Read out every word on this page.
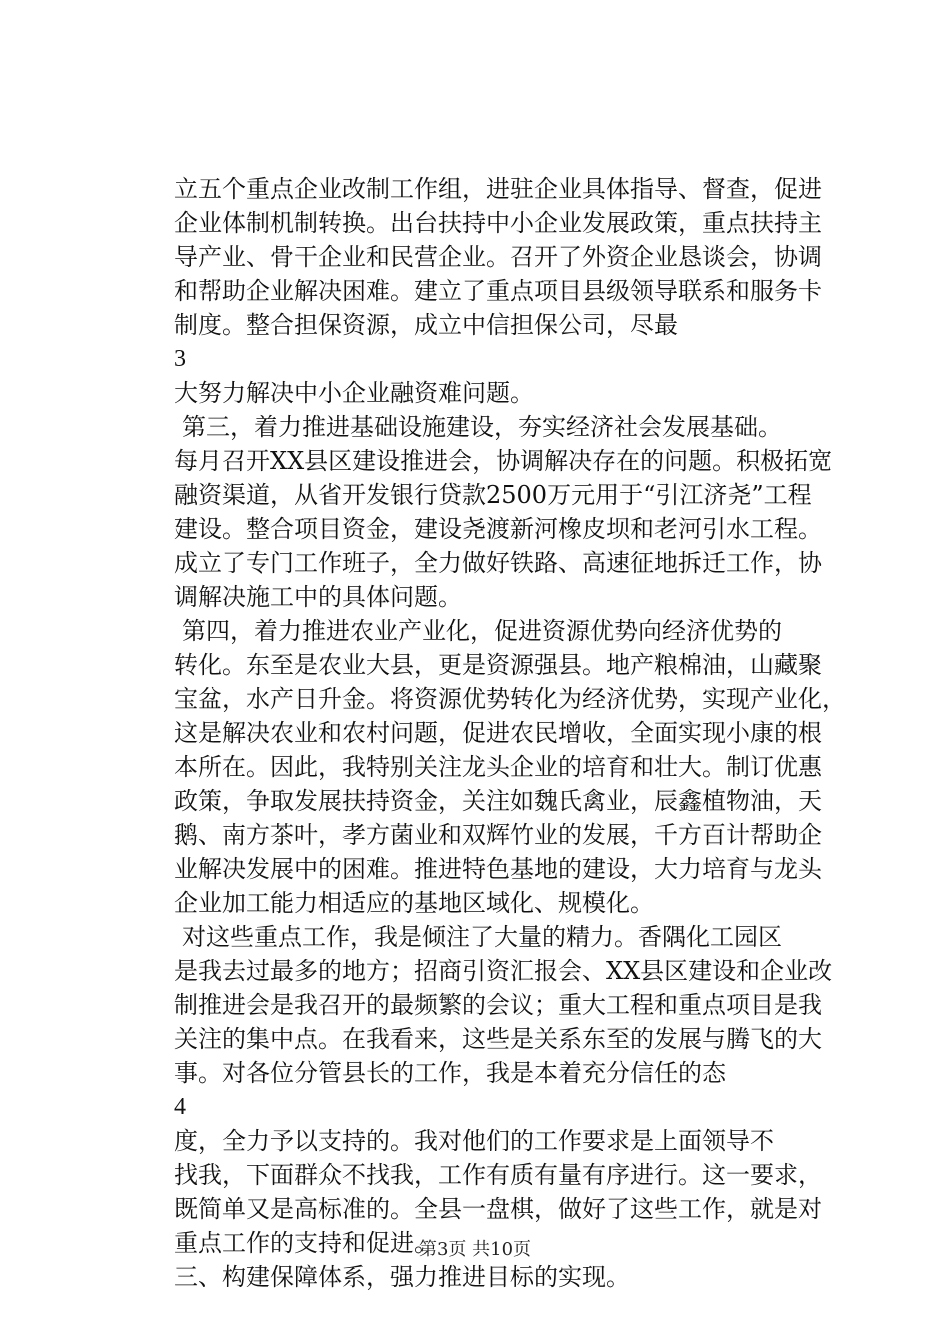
立五个重点企业改制工作组，进驻企业具体指导、督查，促进
企业体制机制转换。出台扶持中小企业发展政策，重点扶持主
导产业、骨干企业和民营企业。召开了外资企业恳谈会，协调
和帮助企业解决困难。建立了重点项目县级领导联系和服务卡
制度。整合担保资源，成立中信担保公司，尽最
3
大努力解决中小企业融资难问题。
第三，着力推进基础设施建设，夯实经济社会发展基础。
每月召开XX县区建设推进会，协调解决存在的问题。积极拓宽
融资渠道，从省开发银行贷款2500万元用于“引江济尧”工程
建设。整合项目资金，建设尧渡新河橡皮坝和老河引水工程。
成立了专门工作班子，全力做好铁路、高速征地拆迁工作，协
调解决施工中的具体问题。
第四，着力推进农业产业化，促进资源优势向经济优势的
转化。东至是农业大县，更是资源强县。地产粮棉油，山藏聚
宝盆，水产日升金。将资源优势转化为经济优势，实现产业化，
这是解决农业和农村问题，促进农民增收，全面实现小康的根
本所在。因此，我特别关注龙头企业的培育和壮大。制订优惠
政策，争取发展扶持资金，关注如魏氏禽业，辰鑫植物油，天
鹅、南方茶叶，孝方菌业和双辉竹业的发展，千方百计帮助企
业解决发展中的困难。推进特色基地的建设，大力培育与龙头
企业加工能力相适应的基地区域化、规模化。
对这些重点工作，我是倾注了大量的精力。香隅化工园区
是我去过最多的地方；招商引资汇报会、XX县区建设和企业改
制推进会是我召开的最频繁的会议；重大工程和重点项目是我
关注的集中点。在我看来，这些是关系东至的发展与腾飞的大
事。对各位分管县长的工作，我是本着充分信任的态
4
度，全力予以支持的。我对他们的工作要求是上面领导不
找我，下面群众不找我，工作有质有量有序进行。这一要求，
既简单又是高标准的。全县一盘棋，做好了这些工作，就是对
重点工作的支持和促进。
三、构建保障体系，强力推进目标的实现。
第3页 共10页
